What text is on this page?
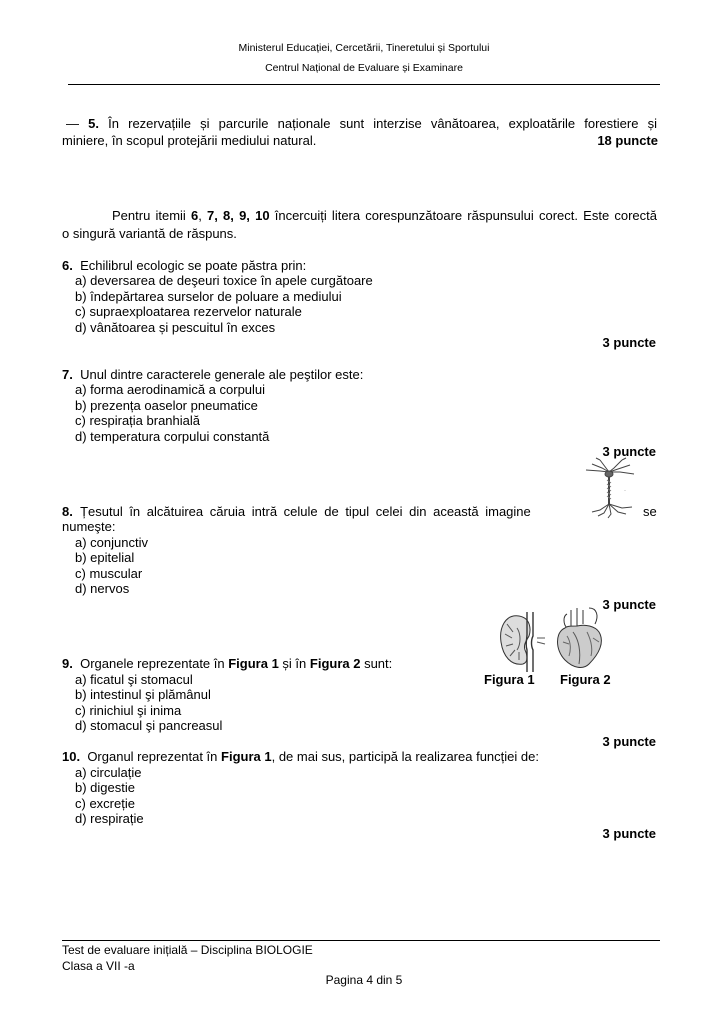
Ministerul Educației, Cercetării, Tineretului și Sportului
Centrul Național de Evaluare și Examinare
— 5. În rezervațiile și parcurile naționale sunt interzise vânătoarea, exploatările forestiere și
miniere, în scopul protejării mediului natural.	18 puncte
Pentru itemii 6, 7, 8, 9, 10 încercuiți litera corespunzătoare răspunsului corect. Este corectă
o singură variantă de răspuns.
6. Echilibrul ecologic se poate păstra prin:
a) deversarea de deşeuri toxice în apele curgătoare
b) îndepărtarea surselor de poluare a mediului
c) supraexploatarea rezervelor naturale
d) vânătoarea și pescuitul în exces
3 puncte
7. Unul dintre caracterele generale ale peştilor este:
a) forma aerodinamică a corpului
b) prezența oaselor pneumatice
c) respirația branhială
d) temperatura corpului constantă
3 puncte
·
8. Țesutul în alcătuirea căruia intră celule de tipul celei din această imagine	se
numeşte:
a) conjunctiv
b) epitelial
c) muscular
d) nervos
3 puncte
9. Organele reprezentate în Figura 1 și în Figura 2 sunt:
a) ficatul şi stomacul	Figura 1 Figura 2
b) intestinul şi plămânul
c) rinichiul şi inima
d) stomacul şi pancreasul
3 puncte
10. Organul reprezentat în Figura 1, de mai sus, participă la realizarea funcției de:
a) circulație
b) digestie
c) excreție
d) respirație
3 puncte
Test de evaluare inițială – Disciplina BIOLOGIE
Clasa a VII -a
Pagina 4 din 5
